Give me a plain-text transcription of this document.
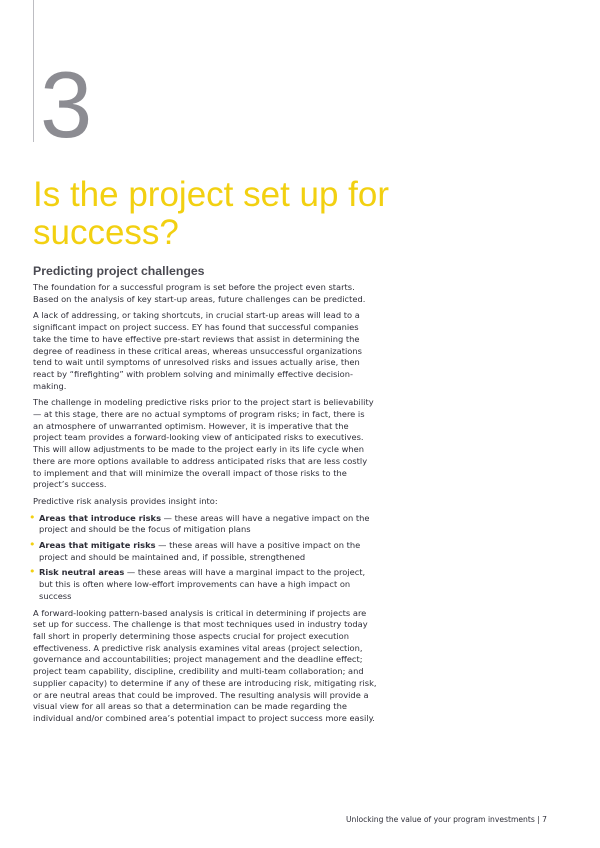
3
Is the project set up for success?
Predicting project challenges

The foundation for a successful program is set before the project even starts. Based on the analysis of key start-up areas, future challenges can be predicted.

A lack of addressing, or taking shortcuts, in crucial start-up areas will lead to a significant impact on project success. EY has found that successful companies take the time to have effective pre-start reviews that assist in determining the degree of readiness in these critical areas, whereas unsuccessful organizations tend to wait until symptoms of unresolved risks and issues actually arise, then react by “firefighting” with problem solving and minimally effective decision-making.

The challenge in modeling predictive risks prior to the project start is believability — at this stage, there are no actual symptoms of program risks; in fact, there is an atmosphere of unwarranted optimism. However, it is imperative that the project team provides a forward-looking view of anticipated risks to executives. This will allow adjustments to be made to the project early in its life cycle when there are more options available to address anticipated risks that are less costly to implement and that will minimize the overall impact of those risks to the project’s success.

Predictive risk analysis provides insight into:

• Areas that introduce risks — these areas will have a negative impact on the project and should be the focus of mitigation plans
• Areas that mitigate risks — these areas will have a positive impact on the project and should be maintained and, if possible, strengthened
• Risk neutral areas — these areas will have a marginal impact to the project, but this is often where low-effort improvements can have a high impact on success

A forward-looking pattern-based analysis is critical in determining if projects are set up for success. The challenge is that most techniques used in industry today fall short in properly determining those aspects crucial for project execution effectiveness. A predictive risk analysis examines vital areas (project selection, governance and accountabilities; project management and the deadline effect; project team capability, discipline, credibility and multi-team collaboration; and supplier capacity) to determine if any of these are introducing risk, mitigating risk, or are neutral areas that could be improved. The resulting analysis will provide a visual view for all areas so that a determination can be made regarding the individual and/or combined area’s potential impact to project success more easily.

Unlocking the value of your program investments | 7
